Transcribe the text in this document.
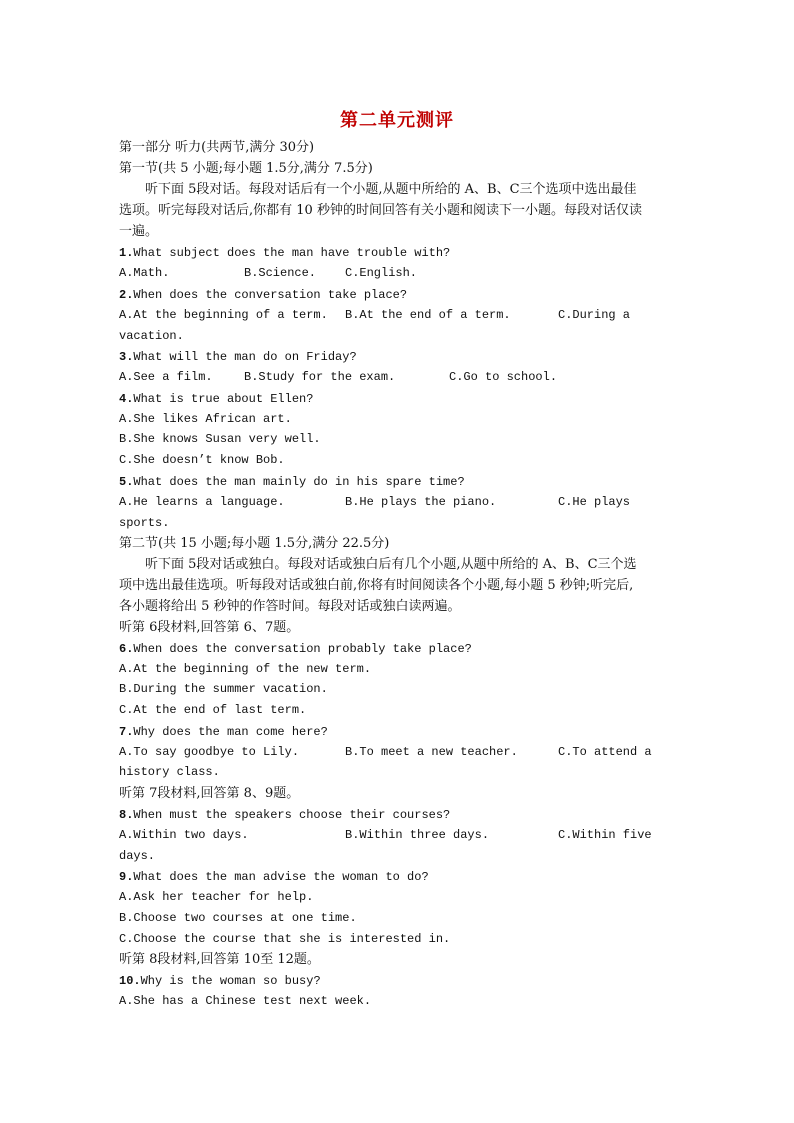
第二单元测评
第一部分 听力(共两节,满分 30分)
第一节(共 5 小题;每小题 1.5分,满分 7.5分)
听下面 5段对话。每段对话后有一个小题,从题中所给的 A、B、C三个选项中选出最佳
选项。听完每段对话后,你都有 10 秒钟的时间回答有关小题和阅读下一小题。每段对话仅读
一遍。
1.What subject does the man have trouble with?
A.Math.	B.Science. C.English.
2.When does the conversation take place?
A.At the beginning of a term. B.At the end of a term.	C.During a
vacation.
3.What will the man do on Friday?
A.See a film.	B.Study for the exam.	C.Go to school.
4.What is true about Ellen?
A.She likes African art.
B.She knows Susan very well.
C.She doesn’t know Bob.
5.What does the man mainly do in his spare time?
A.He learns a language.	B.He plays the piano.	C.He plays
sports.
第二节(共 15 小题;每小题 1.5分,满分 22.5分)
听下面 5段对话或独白。每段对话或独白后有几个小题,从题中所给的 A、B、C三个选
项中选出最佳选项。听每段对话或独白前,你将有时间阅读各个小题,每小题 5 秒钟;听完后,
各小题将给出 5 秒钟的作答时间。每段对话或独白读两遍。
听第 6段材料,回答第 6、7题。
6.When does the conversation probably take place?
A.At the beginning of the new term.
B.During the summer vacation.
C.At the end of last term.
7.Why does the man come here?
A.To say goodbye to Lily.	B.To meet a new teacher.	C.To attend a
history class.
听第 7段材料,回答第 8、9题。
8.When must the speakers choose their courses?
A.Within two days.	B.Within three days.	C.Within five
days.
9.What does the man advise the woman to do?
A.Ask her teacher for help.
B.Choose two courses at one time.
C.Choose the course that she is interested in.
听第 8段材料,回答第 10至 12题。
10.Why is the woman so busy?
A.She has a Chinese test next week.
